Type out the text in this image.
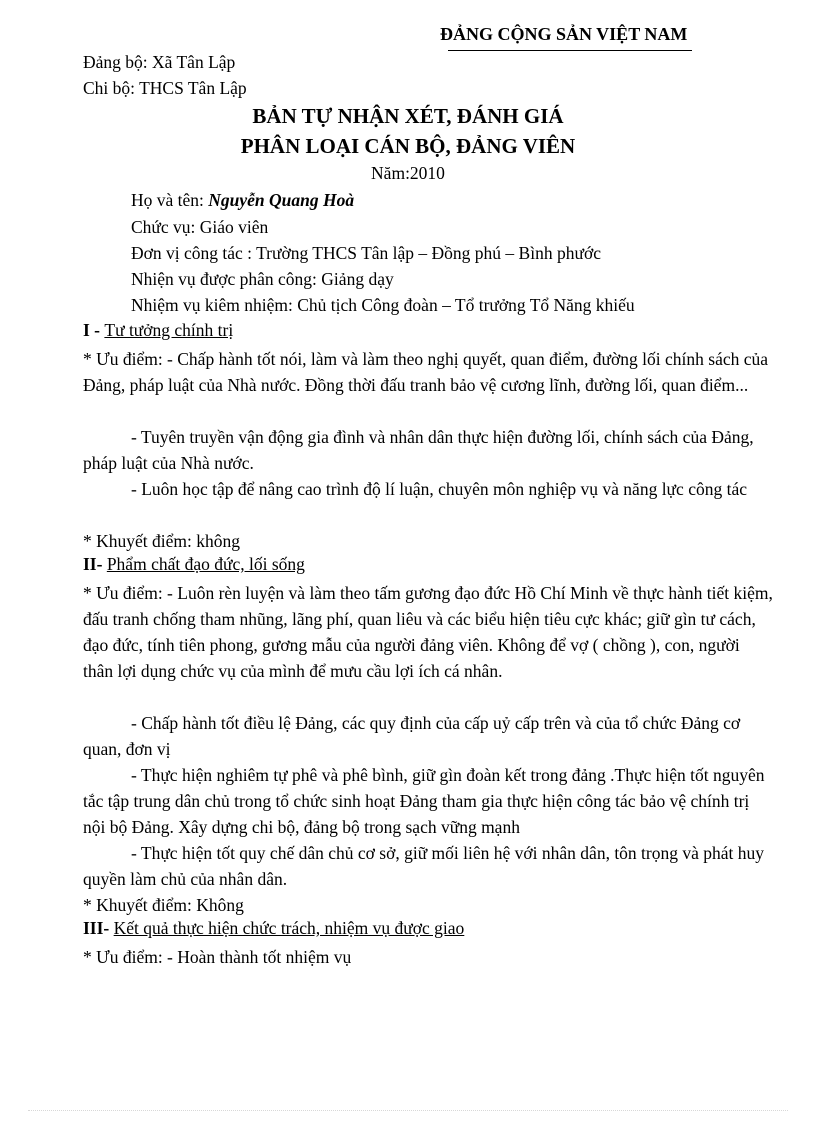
ĐẢNG CỘNG SẢN VIỆT NAM
Đảng bộ: Xã Tân Lập
Chi bộ: THCS Tân Lập
BẢN TỰ NHẬN XÉT, ĐÁNH GIÁ
PHÂN LOẠI CÁN BỘ, ĐẢNG VIÊN
Năm:2010
Họ và tên: Nguyễn Quang Hoà
Chức vụ: Giáo viên
Đơn vị công tác : Trường THCS Tân lập – Đồng phú – Bình phước
Nhiện vụ được phân công: Giảng dạy
Nhiệm vụ kiêm nhiệm: Chủ tịch Công đoàn – Tổ trưởng Tổ Năng khiếu
I - Tư tưởng chính trị

* Ưu điểm: - Chấp hành tốt nói, làm và làm theo nghị quyết, quan điểm, đường lối chính sách của Đảng, pháp luật của Nhà nước. Đồng thời đấu tranh bảo vệ cương lĩnh, đường lối, quan điểm...

- Tuyên truyền vận động gia đình và nhân dân thực hiện đường lối, chính sách của Đảng, pháp luật của Nhà nước.

- Luôn học tập để nâng cao trình độ lí luận, chuyên môn nghiệp vụ và năng lực công tác

* Khuyết điểm: không

II- Phẩm chất đạo đức, lối sống

* Ưu điểm: - Luôn rèn luyện và làm theo tấm gương đạo đức Hồ Chí Minh về thực hành tiết kiệm, đấu tranh chống tham nhũng, lãng phí, quan liêu và các biểu hiện tiêu cực khác; giữ gìn tư cách, đạo đức, tính tiên phong, gương mẫu của người đảng viên. Không để vợ ( chồng ), con, người thân lợi dụng chức vụ của mình để mưu cầu lợi ích cá nhân.

- Chấp hành tốt điều lệ Đảng, các quy định của cấp uỷ cấp trên và của tổ chức Đảng cơ quan, đơn vị

- Thực hiện nghiêm tự phê và phê bình, giữ gìn đoàn kết trong đảng .Thực hiện tốt nguyên tắc tập trung dân chủ trong tổ chức sinh hoạt Đảng tham gia thực hiện công tác bảo vệ chính trị nội bộ Đảng. Xây dựng chi bộ, đảng bộ trong sạch vững mạnh

- Thực hiện tốt quy chế dân chủ cơ sở, giữ mối liên hệ với nhân dân, tôn trọng và phát huy quyền làm chủ của nhân dân.

* Khuyết điểm: Không

III- Kết quả thực hiện chức trách, nhiệm vụ được giao

* Ưu điểm: - Hoàn thành tốt nhiệm vụ
